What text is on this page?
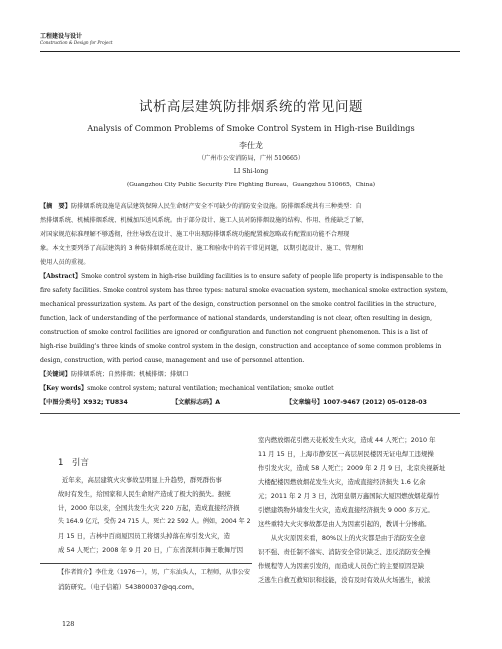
工程建设与设计
Construction & Design for Project
试析高层建筑防排烟系统的常见问题
Analysis of Common Problems of Smoke Control System in High-rise Buildings
李仕龙
（广州市公安消防局，广州 510665）
LI Shi-long
(Guangzhou City Public Security Fire Fighting Bureau，Guangzhou 510665，China)
【摘　要】防排烟系统设施是高层建筑保障人民生命财产安全不可缺少的消防安全设施。防排烟系统共有三种类型：自
然排烟系统、机械排烟系统、机械加压送风系统。由于部分设计、施工人员对防排烟设施的结构、作用、性能缺乏了解，
对国家规范标准理解不够透彻，往往导致在设计、施工中出现防排烟系统功能配置被忽略或有配置而功能不合理现
象。本文主要列举了高层建筑的 3 种防排烟系统在设计、施工和验收中的若干常见问题，以期引起设计、施工、管理和
使用人员的重视。
【Abstract】Smoke control system in high-rise building facilities is to ensure safety of people life property is indispensable to the
fire safety facilities. Smoke control system has three types: natural smoke evacuation system, mechanical smoke extraction system,
mechanical pressurization system. As part of the design, construction personnel on the smoke control facilities in the structure,
function, lack of understanding of the performance of national standards, understanding is not clear, often resulting in design,
construction of smoke control facilities are ignored or configuration and function not congruent phenomenon. This is a list of
high-rise building's three kinds of smoke control system in the design, construction and acceptance of some common problems in
design, construction, with period cause, management and use of personnel attention.
【关键词】防排烟系统；自然排烟；机械排烟；排烟口
【Key words】smoke control system; natural ventilation; mechanical ventilation; smoke outlet
【中图分类号】X932; TU834	【文献标志码】A	【文章编号】1007-9467 (2012) 05-0128-03
1　引言
近年来，高层建筑火灾事故呈明显上升趋势，群死群伤事
故时有发生，给国家和人民生命财产造成了极大的损失。据统
计，2000 年以来，全国共发生火灾 220 万起，造成直接经济损
失 164.9 亿元，受伤 24 715 人，死亡 22 592 人。例如，2004 年 2
月 15 日，吉林中百商厦因员工将烟头掉落在库引发火灾，造
成 54 人死亡；2008 年 9 月 20 日，广东省深圳市舞王歌舞厅因
室内燃放烟花引燃天花板发生火灾，造成 44 人死亡；2010 年
11 月 15 日，上海市静安区一高层居民楼因无证电焊工违规操
作引发火灾，造成 58 人死亡；2009 年 2 月 9 日，北京央视新址
大楼配楼因燃放烟花发生火灾，造成直接经济损失 1.6 亿余
元；2011 年 2 月 3 日，沈阳皇朝万鑫国际大厦因燃放烟花爆竹
引燃建筑物外墙发生火灾，造成直接经济损失 9 000 多万元。
这些重特大火灾事故都是由人为因素引起的，教训十分惨痛。
　　从火灾原因来看，80%以上的火灾都是由于消防安全意
识不强、责任制不落实、消防安全常识缺乏、违反消防安全操
作规程等人为因素引发的，而造成人员伤亡的主要原因是缺
乏逃生自救互救知识和技能，没有及时有效从火场逃生，被浓
【作者简介】李仕龙（1976～），男，广东汕头人，工程师，从事公安
消防研究。（电子信箱）543800037@qq.com。
128
